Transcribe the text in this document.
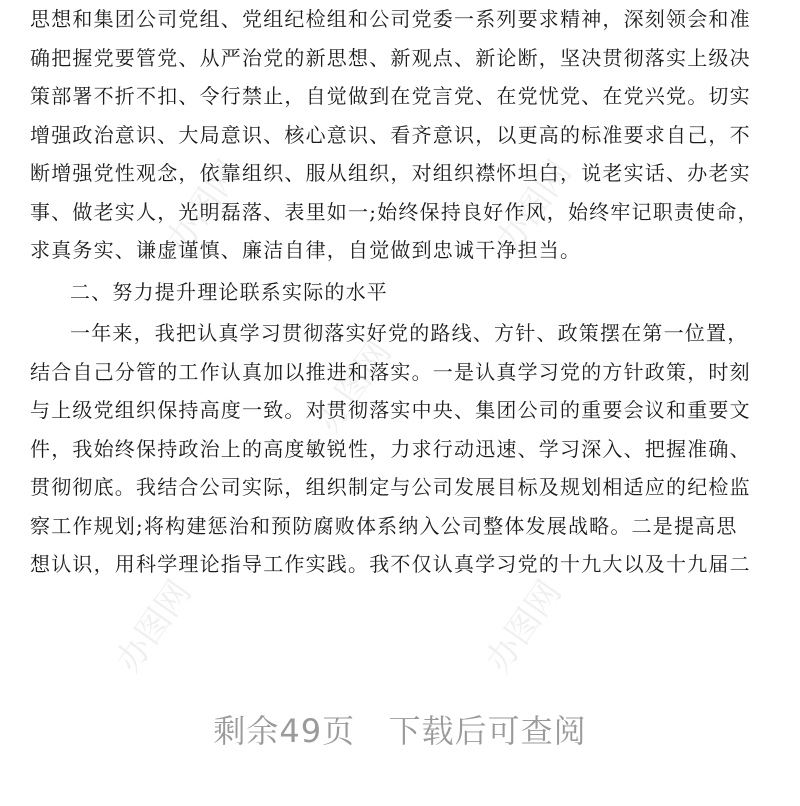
办图网	办图网
办图网	办图网
办图网
思想和集团公司党组、党组纪检组和公司党委一系列要求精神，深刻领会和准
确把握党要管党、从严治党的新思想、新观点、新论断，坚决贯彻落实上级决
策部署不折不扣、令行禁止，自觉做到在党言党、在党忧党、在党兴党。切实
增强政治意识、大局意识、核心意识、看齐意识，以更高的标准要求自己，不
断增强党性观念，依靠组织、服从组织，对组织襟怀坦白，说老实话、办老实
事、做老实人，光明磊落、表里如一;始终保持良好作风，始终牢记职责使命，
求真务实、谦虚谨慎、廉洁自律，自觉做到忠诚干净担当。
二、努力提升理论联系实际的水平
一年来，我把认真学习贯彻落实好党的路线、方针、政策摆在第一位置，
结合自己分管的工作认真加以推进和落实。一是认真学习党的方针政策，时刻
与上级党组织保持高度一致。对贯彻落实中央、集团公司的重要会议和重要文
件，我始终保持政治上的高度敏锐性，力求行动迅速、学习深入、把握准确、
贯彻彻底。我结合公司实际，组织制定与公司发展目标及规划相适应的纪检监
察工作规划;将构建惩治和预防腐败体系纳入公司整体发展战略。二是提高思
想认识，用科学理论指导工作实践。我不仅认真学习党的十九大以及十九届二
剩余49页 下载后可查阅
